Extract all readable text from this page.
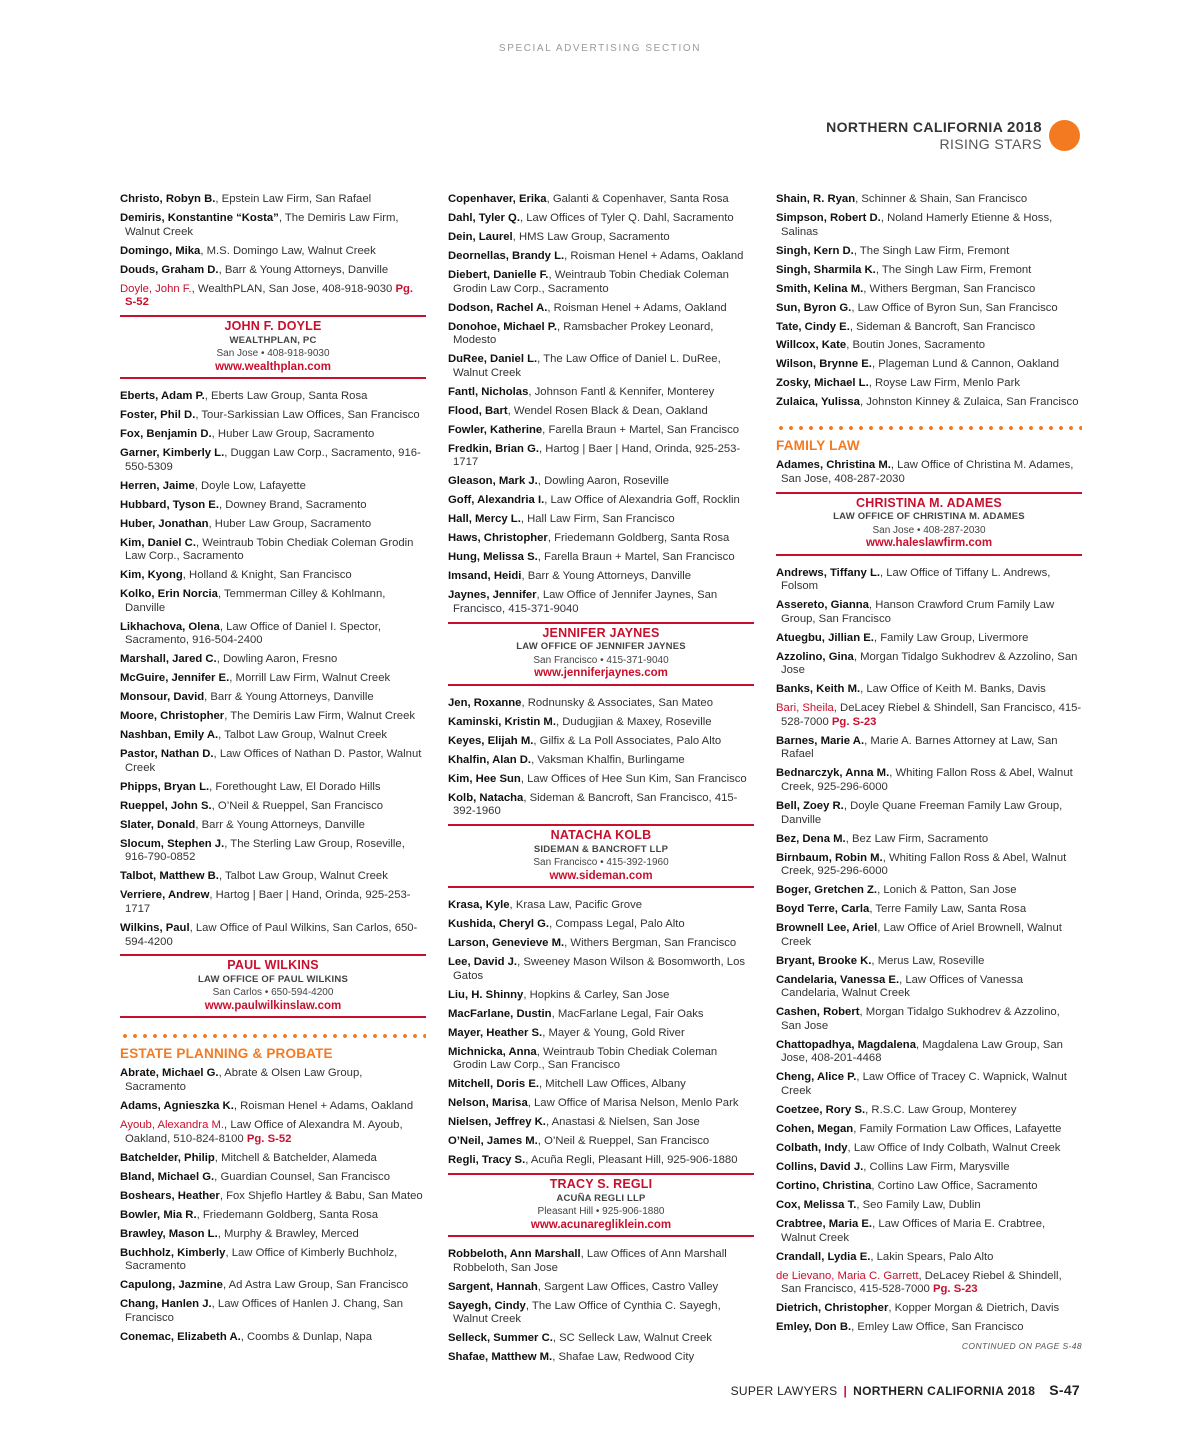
SPECIAL ADVERTISING SECTION
NORTHERN CALIFORNIA 2018
RISING STARS
Christo, Robyn B., Epstein Law Firm, San Rafael
Demiris, Konstantine “Kosta”, The Demiris Law Firm, Walnut Creek
Domingo, Mika, M.S. Domingo Law, Walnut Creek
Douds, Graham D., Barr & Young Attorneys, Danville
Doyle, John F., WealthPLAN, San Jose, 408-918-9030 Pg. S-52
JOHN F. DOYLE
WEALTHPLAN, PC
San Jose • 408-918-9030
www.wealthplan.com
Eberts, Adam P., Eberts Law Group, Santa Rosa
Foster, Phil D., Tour-Sarkissian Law Offices, San Francisco
Fox, Benjamin D., Huber Law Group, Sacramento
Garner, Kimberly L., Duggan Law Corp., Sacramento, 916-550-5309
Herren, Jaime, Doyle Low, Lafayette
Hubbard, Tyson E., Downey Brand, Sacramento
Huber, Jonathan, Huber Law Group, Sacramento
Kim, Daniel C., Weintraub Tobin Chediak Coleman Grodin Law Corp., Sacramento
Kim, Kyong, Holland & Knight, San Francisco
Kolko, Erin Norcia, Temmerman Cilley & Kohlmann, Danville
Likhachova, Olena, Law Office of Daniel I. Spector, Sacramento, 916-504-2400
Marshall, Jared C., Dowling Aaron, Fresno
McGuire, Jennifer E., Morrill Law Firm, Walnut Creek
Monsour, David, Barr & Young Attorneys, Danville
Moore, Christopher, The Demiris Law Firm, Walnut Creek
Nashban, Emily A., Talbot Law Group, Walnut Creek
Pastor, Nathan D., Law Offices of Nathan D. Pastor, Walnut Creek
Phipps, Bryan L., Forethought Law, El Dorado Hills
Rueppel, John S., O’Neil & Rueppel, San Francisco
Slater, Donald, Barr & Young Attorneys, Danville
Slocum, Stephen J., The Sterling Law Group, Roseville, 916-790-0852
Talbot, Matthew B., Talbot Law Group, Walnut Creek
Verriere, Andrew, Hartog | Baer | Hand, Orinda, 925-253-1717
Wilkins, Paul, Law Office of Paul Wilkins, San Carlos, 650-594-4200
PAUL WILKINS
LAW OFFICE OF PAUL WILKINS
San Carlos • 650-594-4200
www.paulwilkinslaw.com
ESTATE PLANNING & PROBATE
Abrate, Michael G., Abrate & Olsen Law Group, Sacramento
Adams, Agnieszka K., Roisman Henel + Adams, Oakland
Ayoub, Alexandra M., Law Office of Alexandra M. Ayoub, Oakland, 510-824-8100 Pg. S-52
Batchelder, Philip, Mitchell & Batchelder, Alameda
Bland, Michael G., Guardian Counsel, San Francisco
Boshears, Heather, Fox Shjeflo Hartley & Babu, San Mateo
Bowler, Mia R., Friedemann Goldberg, Santa Rosa
Brawley, Mason L., Murphy & Brawley, Merced
Buchholz, Kimberly, Law Office of Kimberly Buchholz, Sacramento
Capulong, Jazmine, Ad Astra Law Group, San Francisco
Chang, Hanlen J., Law Offices of Hanlen J. Chang, San Francisco
Conemac, Elizabeth A., Coombs & Dunlap, Napa
Copenhaver, Erika, Galanti & Copenhaver, Santa Rosa
Dahl, Tyler Q., Law Offices of Tyler Q. Dahl, Sacramento
Dein, Laurel, HMS Law Group, Sacramento
Deornellas, Brandy L., Roisman Henel + Adams, Oakland
Diebert, Danielle F., Weintraub Tobin Chediak Coleman Grodin Law Corp., Sacramento
Dodson, Rachel A., Roisman Henel + Adams, Oakland
Donohoe, Michael P., Ramsbacher Prokey Leonard, Modesto
DuRee, Daniel L., The Law Office of Daniel L. DuRee, Walnut Creek
Fantl, Nicholas, Johnson Fantl & Kennifer, Monterey
Flood, Bart, Wendel Rosen Black & Dean, Oakland
Fowler, Katherine, Farella Braun + Martel, San Francisco
Fredkin, Brian G., Hartog | Baer | Hand, Orinda, 925-253-1717
Gleason, Mark J., Dowling Aaron, Roseville
Goff, Alexandria I., Law Office of Alexandria Goff, Rocklin
Hall, Mercy L., Hall Law Firm, San Francisco
Haws, Christopher, Friedemann Goldberg, Santa Rosa
Hung, Melissa S., Farella Braun + Martel, San Francisco
Imsand, Heidi, Barr & Young Attorneys, Danville
Jaynes, Jennifer, Law Office of Jennifer Jaynes, San Francisco, 415-371-9040
JENNIFER JAYNES
LAW OFFICE OF JENNIFER JAYNES
San Francisco • 415-371-9040
www.jenniferjaynes.com
Jen, Roxanne, Rodnunsky & Associates, San Mateo
Kaminski, Kristin M., Dudugjian & Maxey, Roseville
Keyes, Elijah M., Gilfix & La Poll Associates, Palo Alto
Khalfin, Alan D., Vaksman Khalfin, Burlingame
Kim, Hee Sun, Law Offices of Hee Sun Kim, San Francisco
Kolb, Natacha, Sideman & Bancroft, San Francisco, 415-392-1960
NATACHA KOLB
SIDEMAN & BANCROFT LLP
San Francisco • 415-392-1960
www.sideman.com
Krasa, Kyle, Krasa Law, Pacific Grove
Kushida, Cheryl G., Compass Legal, Palo Alto
Larson, Genevieve M., Withers Bergman, San Francisco
Lee, David J., Sweeney Mason Wilson & Bosomworth, Los Gatos
Liu, H. Shinny, Hopkins & Carley, San Jose
MacFarlane, Dustin, MacFarlane Legal, Fair Oaks
Mayer, Heather S., Mayer & Young, Gold River
Michnicka, Anna, Weintraub Tobin Chediak Coleman Grodin Law Corp., San Francisco
Mitchell, Doris E., Mitchell Law Offices, Albany
Nelson, Marisa, Law Office of Marisa Nelson, Menlo Park
Nielsen, Jeffrey K., Anastasi & Nielsen, San Jose
O’Neil, James M., O’Neil & Rueppel, San Francisco
Regli, Tracy S., Acuña Regli, Pleasant Hill, 925-906-1880
TRACY S. REGLI
ACUÑA REGLI LLP
Pleasant Hill • 925-906-1880
www.acunaregliklein.com
Robbeloth, Ann Marshall, Law Offices of Ann Marshall Robbeloth, San Jose
Sargent, Hannah, Sargent Law Offices, Castro Valley
Sayegh, Cindy, The Law Office of Cynthia C. Sayegh, Walnut Creek
Selleck, Summer C., SC Selleck Law, Walnut Creek
Shafae, Matthew M., Shafae Law, Redwood City
Shain, R. Ryan, Schinner & Shain, San Francisco
Simpson, Robert D., Noland Hamerly Etienne & Hoss, Salinas
Singh, Kern D., The Singh Law Firm, Fremont
Singh, Sharmila K., The Singh Law Firm, Fremont
Smith, Kelina M., Withers Bergman, San Francisco
Sun, Byron G., Law Office of Byron Sun, San Francisco
Tate, Cindy E., Sideman & Bancroft, San Francisco
Willcox, Kate, Boutin Jones, Sacramento
Wilson, Brynne E., Plageman Lund & Cannon, Oakland
Zosky, Michael L., Royse Law Firm, Menlo Park
Zulaica, Yulissa, Johnston Kinney & Zulaica, San Francisco
FAMILY LAW
Adames, Christina M., Law Office of Christina M. Adames, San Jose, 408-287-2030
CHRISTINA M. ADAMES
LAW OFFICE OF CHRISTINA M. ADAMES
San Jose • 408-287-2030
www.haleslawfirm.com
Andrews, Tiffany L., Law Office of Tiffany L. Andrews, Folsom
Assereto, Gianna, Hanson Crawford Crum Family Law Group, San Francisco
Atuegbu, Jillian E., Family Law Group, Livermore
Azzolino, Gina, Morgan Tidalgo Sukhodrev & Azzolino, San Jose
Banks, Keith M., Law Office of Keith M. Banks, Davis
Bari, Sheila, DeLacey Riebel & Shindell, San Francisco, 415-528-7000 Pg. S-23
Barnes, Marie A., Marie A. Barnes Attorney at Law, San Rafael
Bednarczyk, Anna M., Whiting Fallon Ross & Abel, Walnut Creek, 925-296-6000
Bell, Zoey R., Doyle Quane Freeman Family Law Group, Danville
Bez, Dena M., Bez Law Firm, Sacramento
Birnbaum, Robin M., Whiting Fallon Ross & Abel, Walnut Creek, 925-296-6000
Boger, Gretchen Z., Lonich & Patton, San Jose
Boyd Terre, Carla, Terre Family Law, Santa Rosa
Brownell Lee, Ariel, Law Office of Ariel Brownell, Walnut Creek
Bryant, Brooke K., Merus Law, Roseville
Candelaria, Vanessa E., Law Offices of Vanessa Candelaria, Walnut Creek
Cashen, Robert, Morgan Tidalgo Sukhodrev & Azzolino, San Jose
Chattopadhya, Magdalena, Magdalena Law Group, San Jose, 408-201-4468
Cheng, Alice P., Law Office of Tracey C. Wapnick, Walnut Creek
Coetzee, Rory S., R.S.C. Law Group, Monterey
Cohen, Megan, Family Formation Law Offices, Lafayette
Colbath, Indy, Law Office of Indy Colbath, Walnut Creek
Collins, David J., Collins Law Firm, Marysville
Cortino, Christina, Cortino Law Office, Sacramento
Cox, Melissa T., Seo Family Law, Dublin
Crabtree, Maria E., Law Offices of Maria E. Crabtree, Walnut Creek
Crandall, Lydia E., Lakin Spears, Palo Alto
de Lievano, Maria C. Garrett, DeLacey Riebel & Shindell, San Francisco, 415-528-7000 Pg. S-23
Dietrich, Christopher, Kopper Morgan & Dietrich, Davis
Emley, Don B., Emley Law Office, San Francisco
CONTINUED ON PAGE S-48
SUPER LAWYERS | NORTHERN CALIFORNIA 2018 S-47
